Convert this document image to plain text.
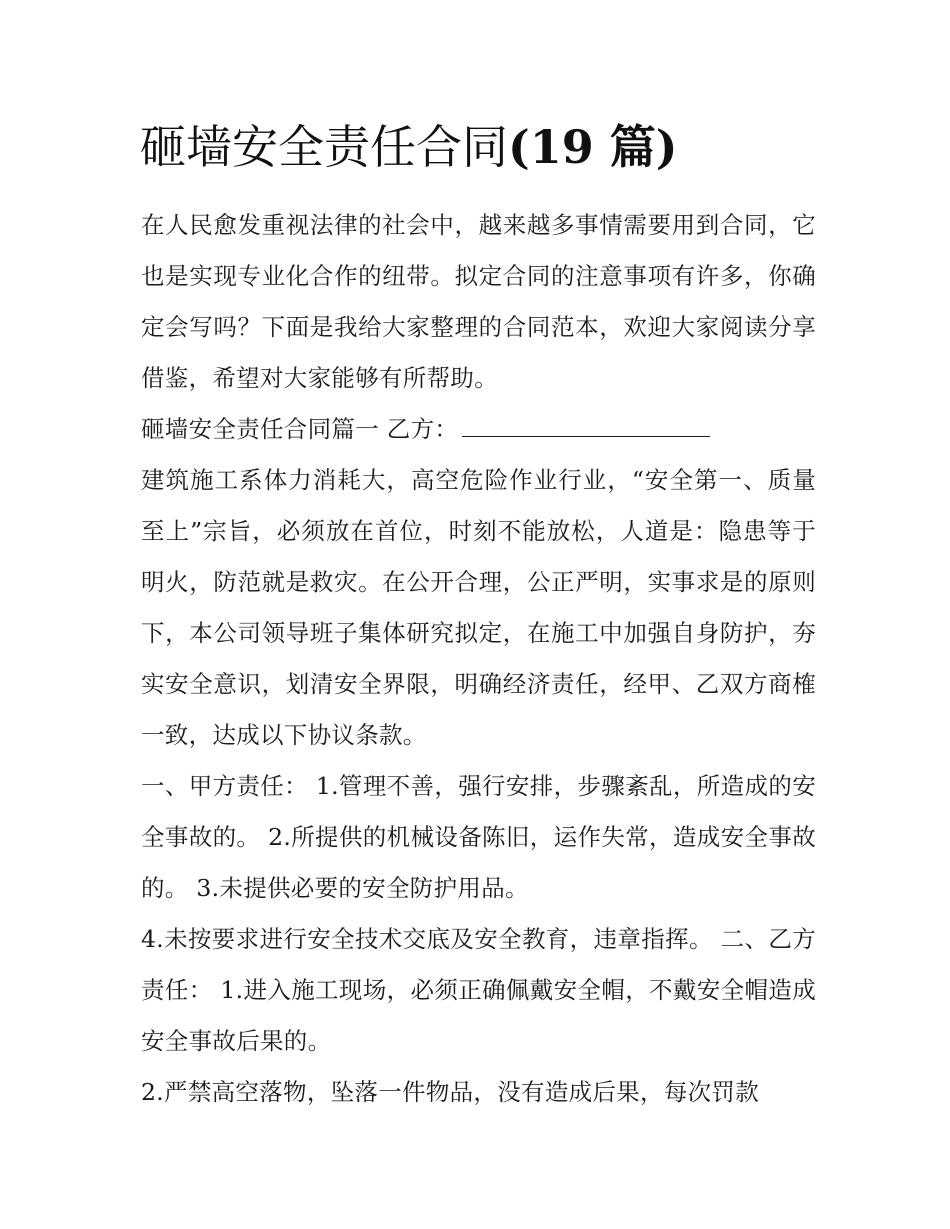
砸墙安全责任合同(19 篇)

在人民愈发重视法律的社会中，越来越多事情需要用到合同，它也是实现专业化合作的纽带。拟定合同的注意事项有许多，你确定会写吗？下面是我给大家整理的合同范本，欢迎大家阅读分享借鉴，希望对大家能够有所帮助。

砸墙安全责任合同篇一 乙方：

建筑施工系体力消耗大，高空危险作业行业，“安全第一、质量至上”宗旨，必须放在首位，时刻不能放松，人道是：隐患等于明火，防范就是救灾。在公开合理，公正严明，实事求是的原则下，本公司领导班子集体研究拟定，在施工中加强自身防护，夯实安全意识，划清安全界限，明确经济责任，经甲、乙双方商榷一致，达成以下协议条款。

一、甲方责任： 1.管理不善，强行安排，步骤紊乱，所造成的安全事故的。 2.所提供的机械设备陈旧，运作失常，造成安全事故的。 3.未提供必要的安全防护用品。

4.未按要求进行安全技术交底及安全教育，违章指挥。 二、乙方责任： 1.进入施工现场，必须正确佩戴安全帽，不戴安全帽造成安全事故后果的。

2.严禁高空落物，坠落一件物品，没有造成后果，每次罚款
